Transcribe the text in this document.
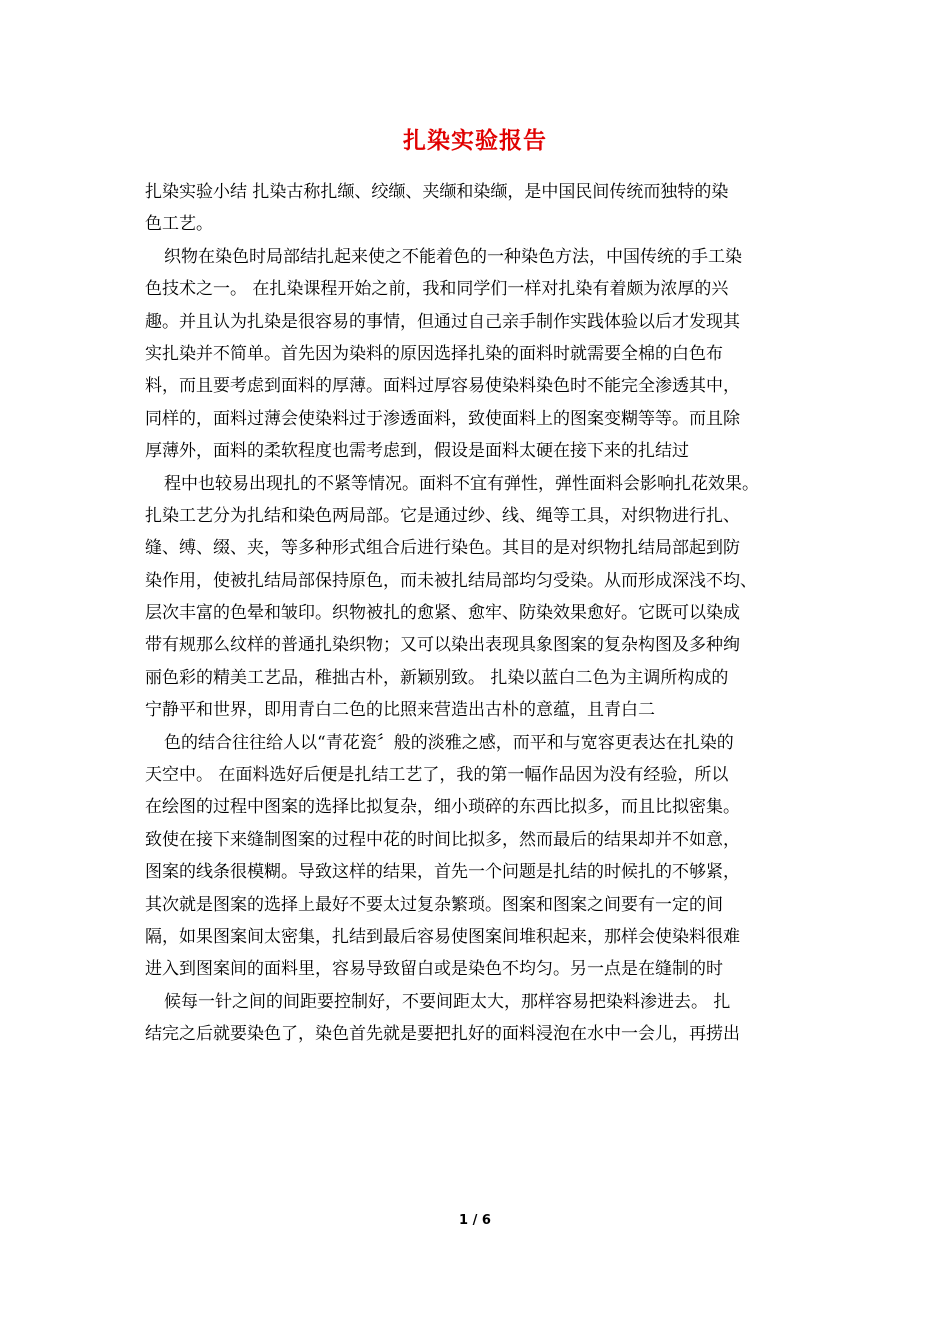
扎染实验报告
扎染实验小结 扎染古称扎缬、绞缬、夹缬和染缬，是中国民间传统而独特的染
色工艺。
织物在染色时局部结扎起来使之不能着色的一种染色方法，中国传统的手工染
色技术之一。 在扎染课程开始之前，我和同学们一样对扎染有着颇为浓厚的兴
趣。并且认为扎染是很容易的事情，但通过自己亲手制作实践体验以后才发现其
实扎染并不简单。首先因为染料的原因选择扎染的面料时就需要全棉的白色布
料，而且要考虑到面料的厚薄。面料过厚容易使染料染色时不能完全渗透其中，
同样的，面料过薄会使染料过于渗透面料，致使面料上的图案变糊等等。而且除
厚薄外，面料的柔软程度也需考虑到，假设是面料太硬在接下来的扎结过
程中也较易出现扎的不紧等情况。面料不宜有弹性，弹性面料会影响扎花效果。
扎染工艺分为扎结和染色两局部。它是通过纱、线、绳等工具，对织物进行扎、
缝、缚、缀、夹，等多种形式组合后进行染色。其目的是对织物扎结局部起到防
染作用，使被扎结局部保持原色，而未被扎结局部均匀受染。从而形成深浅不均、
层次丰富的色晕和皱印。织物被扎的愈紧、愈牢、防染效果愈好。它既可以染成
带有规那么纹样的普通扎染织物；又可以染出表现具象图案的复杂构图及多种绚
丽色彩的精美工艺品，稚拙古朴，新颖别致。 扎染以蓝白二色为主调所构成的
宁静平和世界，即用青白二色的比照来营造出古朴的意蕴，且青白二
色的结合往往给人以“青花瓷〞般的淡雅之感，而平和与宽容更表达在扎染的
天空中。 在面料选好后便是扎结工艺了，我的第一幅作品因为没有经验，所以
在绘图的过程中图案的选择比拟复杂，细小琐碎的东西比拟多，而且比拟密集。
致使在接下来缝制图案的过程中花的时间比拟多，然而最后的结果却并不如意，
图案的线条很模糊。导致这样的结果，首先一个问题是扎结的时候扎的不够紧，
其次就是图案的选择上最好不要太过复杂繁琐。图案和图案之间要有一定的间
隔，如果图案间太密集，扎结到最后容易使图案间堆积起来，那样会使染料很难
进入到图案间的面料里，容易导致留白或是染色不均匀。另一点是在缝制的时
候每一针之间的间距要控制好，不要间距太大，那样容易把染料渗进去。 扎
结完之后就要染色了，染色首先就是要把扎好的面料浸泡在水中一会儿，再捞出
1 / 6
